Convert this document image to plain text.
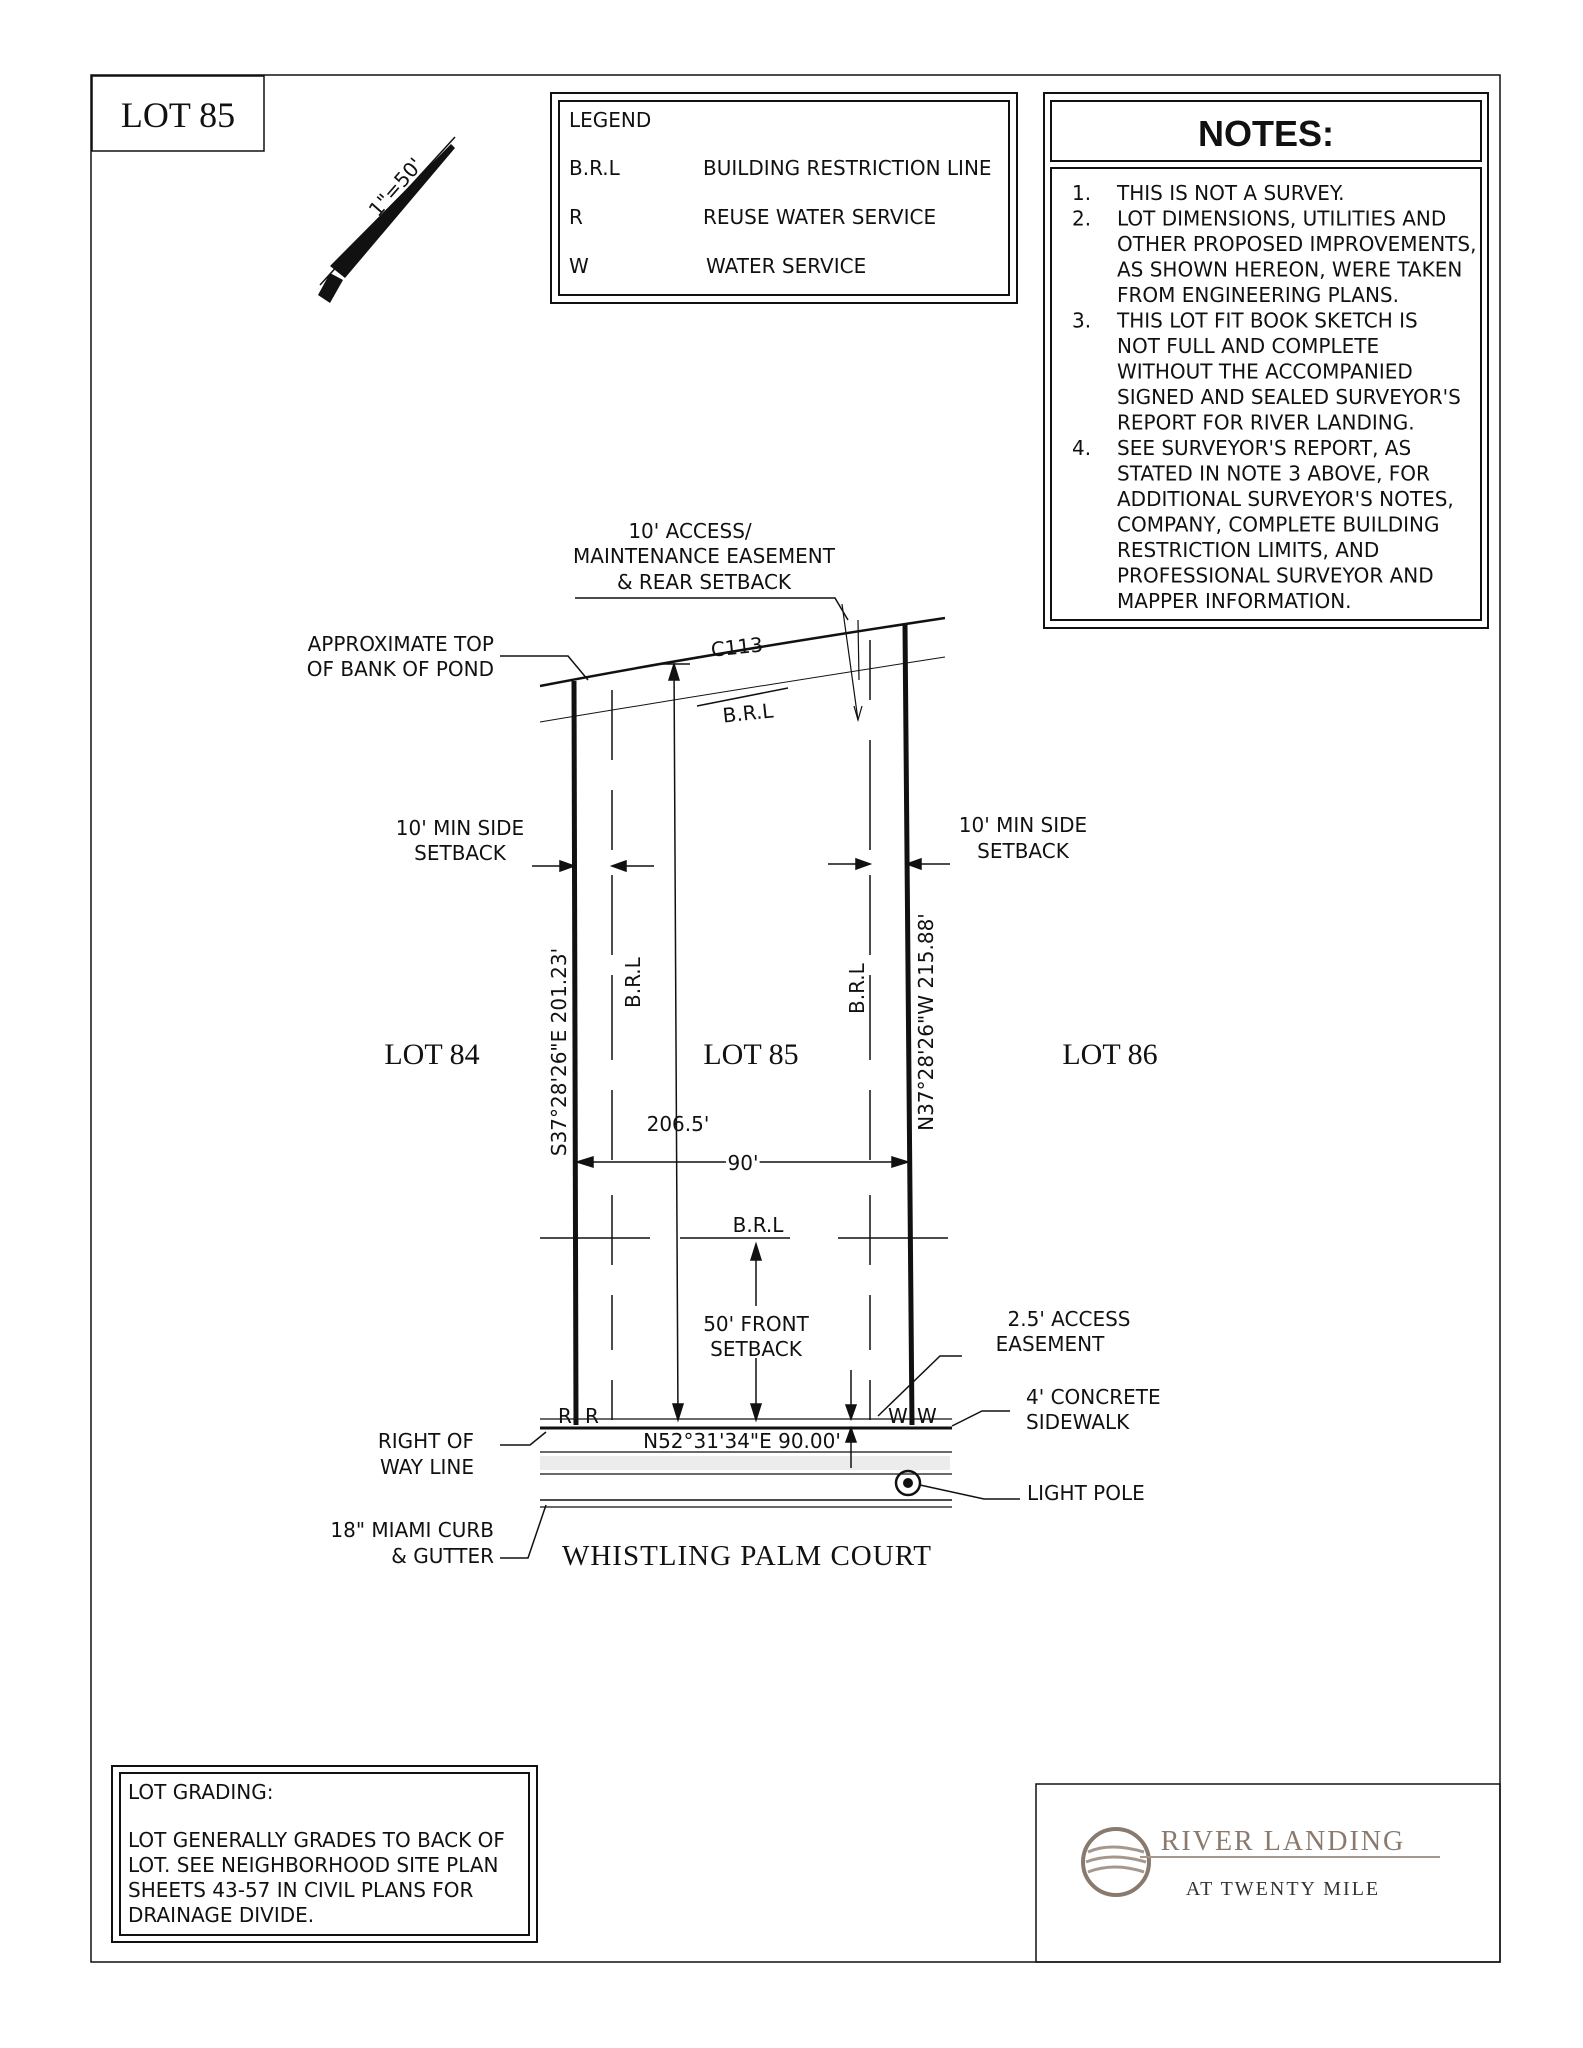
LOT 85
1"=50'
LEGEND
B.R.L	BUILDING RESTRICTION LINE
R	REUSE WATER SERVICE
W	WATER SERVICE
NOTES:
1. THIS IS NOT A SURVEY.
2. LOT DIMENSIONS, UTILITIES AND
OTHER PROPOSED IMPROVEMENTS,
AS SHOWN HEREON, WERE TAKEN
FROM ENGINEERING PLANS.
3. THIS LOT FIT BOOK SKETCH IS
NOT FULL AND COMPLETE
WITHOUT THE ACCOMPANIED
SIGNED AND SEALED SURVEYOR'S
REPORT FOR RIVER LANDING.
4. SEE SURVEYOR'S REPORT, AS
STATED IN NOTE 3 ABOVE, FOR
ADDITIONAL SURVEYOR'S NOTES,
COMPANY, COMPLETE BUILDING
RESTRICTION LIMITS, AND
PROFESSIONAL SURVEYOR AND
MAPPER INFORMATION.
10' ACCESS/
MAINTENANCE EASEMENT
& REAR SETBACK
APPROXIMATE TOP
OF BANK OF POND
C113
B.R.L
10' MIN SIDE
SETBACK
10' MIN SIDE
SETBACK
B.R.L	B.R.L
LOT 84	LOT 85	LOT 86
S37°28'26"E 201.23'	N37°28'26"W 215.88'
206.5'
90'
B.R.L
50' FRONT
SETBACK
2.5' ACCESS
EASEMENT
4' CONCRETE
SIDEWALK
N52°31'34"E 90.00'
R R	W W
RIGHT OF
WAY LINE
LIGHT POLE
18" MIAMI CURB
& GUTTER WHISTLING PALM COURT
LOT GRADING:
LOT GENERALLY GRADES TO BACK OF
LOT. SEE NEIGHBORHOOD SITE PLAN
SHEETS 43-57 IN CIVIL PLANS FOR
DRAINAGE DIVIDE.
RIVER LANDING
AT TWENTY MILE
